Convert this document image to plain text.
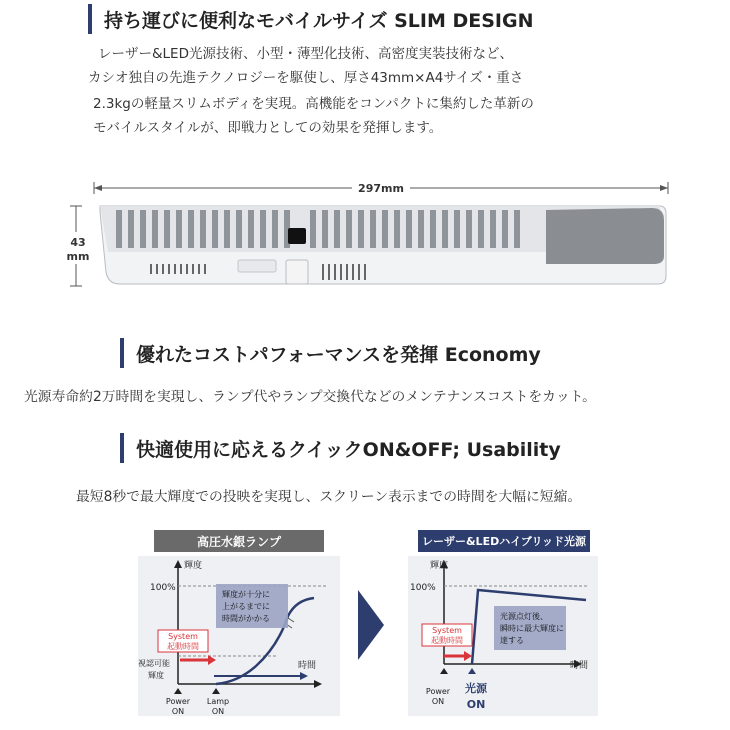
持ち運びに便利なモバイルサイズ SLIM DESIGN
レーザー&LED光源技術、小型・薄型化技術、高密度実装技術など、
カシオ独自の先進テクノロジーを駆使し、厚さ43mm×A4サイズ・重さ
2.3kgの軽量スリムボディを実現。高機能をコンパクトに集約した革新の
モバイルスタイルが、即戦力としての効果を発揮します。
297mm
43
mm
優れたコストパフォーマンスを発揮 Economy
光源寿命約2万時間を実現し、ランプ代やランプ交換代などのメンテナンスコストをカット。
快適使用に応えるクイックON&OFF; Usability
最短8秒で最大輝度での投映を実現し、スクリーン表示までの時間を大幅に短縮。
高圧水銀ランプ
輝度
100%
時間
視認可能
輝度
輝度が十分に
上がるまでに
時間がかかる
System
起動時間
Power
ON
Lamp
ON
レーザー&LEDハイブリッド光源
輝度
100%
時間
光源点灯後、
瞬時に最大輝度に
達する
System
起動時間
Power
ON
光源
ON
